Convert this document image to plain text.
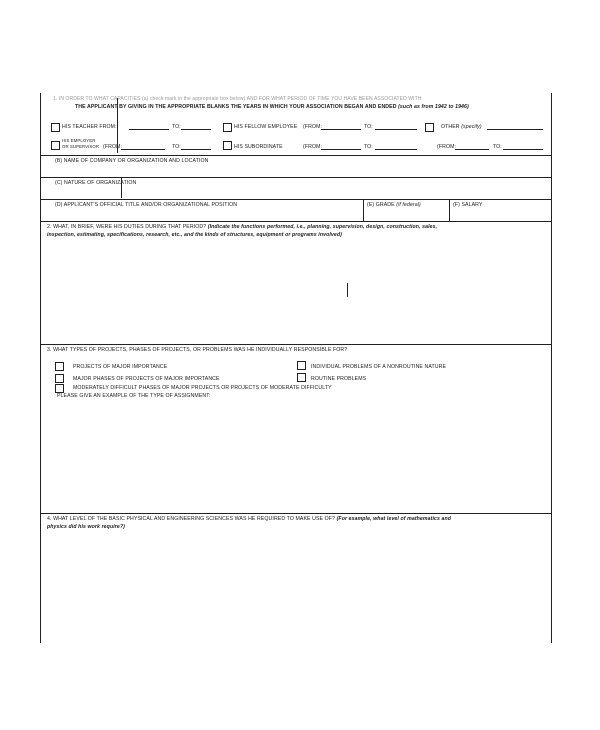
1. IN ORDER TO WHAT CAPACITIES (a) check mark in the appropriate box below) AND FOR WHAT PERIOD OF TIME YOU HAVE BEEN ASSOCIATED WITH
THE APPLICANT BY GIVING IN THE APPROPRIATE BLANKS THE YEARS IN WHICH YOUR ASSOCIATION BEGAN AND ENDED (such as from 1942 to 1946)
HIS TEACHER FROM:	TO:	HIS FELLOW EMPLOYEE (FROM:	TO:	OTHER (specify)
HIS EMPLOYER
OR SUPERVISOR (FROM:	TO:	HIS SUBORDINATE	(FROM:	TO:	(FROM:	TO:
(B) NAME OF COMPANY OR ORGANIZATION AND LOCATION
(C) NATURE OF ORGANIZATION
(D) APPLICANT'S OFFICIAL TITLE AND/OR ORGANIZATIONAL POSITION	(E) GRADE (if federal)	(F) SALARY
2. WHAT, IN BRIEF, WERE HIS DUTIES DURING THAT PERIOD? (Indicate the functions performed, i.e., planning, supervision, design, construction, sales,
inspection, estimating, specifications, research, etc., and the kinds of structures, equipment or programs involved)
3. WHAT TYPES OF PROJECTS, PHASES OF PROJECTS, OR PROBLEMS WAS HE INDIVIDUALLY RESPONSIBLE FOR?
PROJECTS OF MAJOR IMPORTANCE
MAJOR PHASES OF PROJECTS OF MAJOR IMPORTANCE
MODERATELY DIFFICULT PHASES OF MAJOR PROJECTS OR PROJECTS OF MODERATE DIFFICULTY
INDIVIDUAL PROBLEMS OF A NONROUTINE NATURE
ROUTINE PROBLEMS
PLEASE GIVE AN EXAMPLE OF THE TYPE OF ASSIGNMENT:
4. WHAT LEVEL OF THE BASIC PHYSICAL AND ENGINEERING SCIENCES WAS HE REQUIRED TO MAKE USE OF? (For example, what level of mathematics and
physics did his work require?)
